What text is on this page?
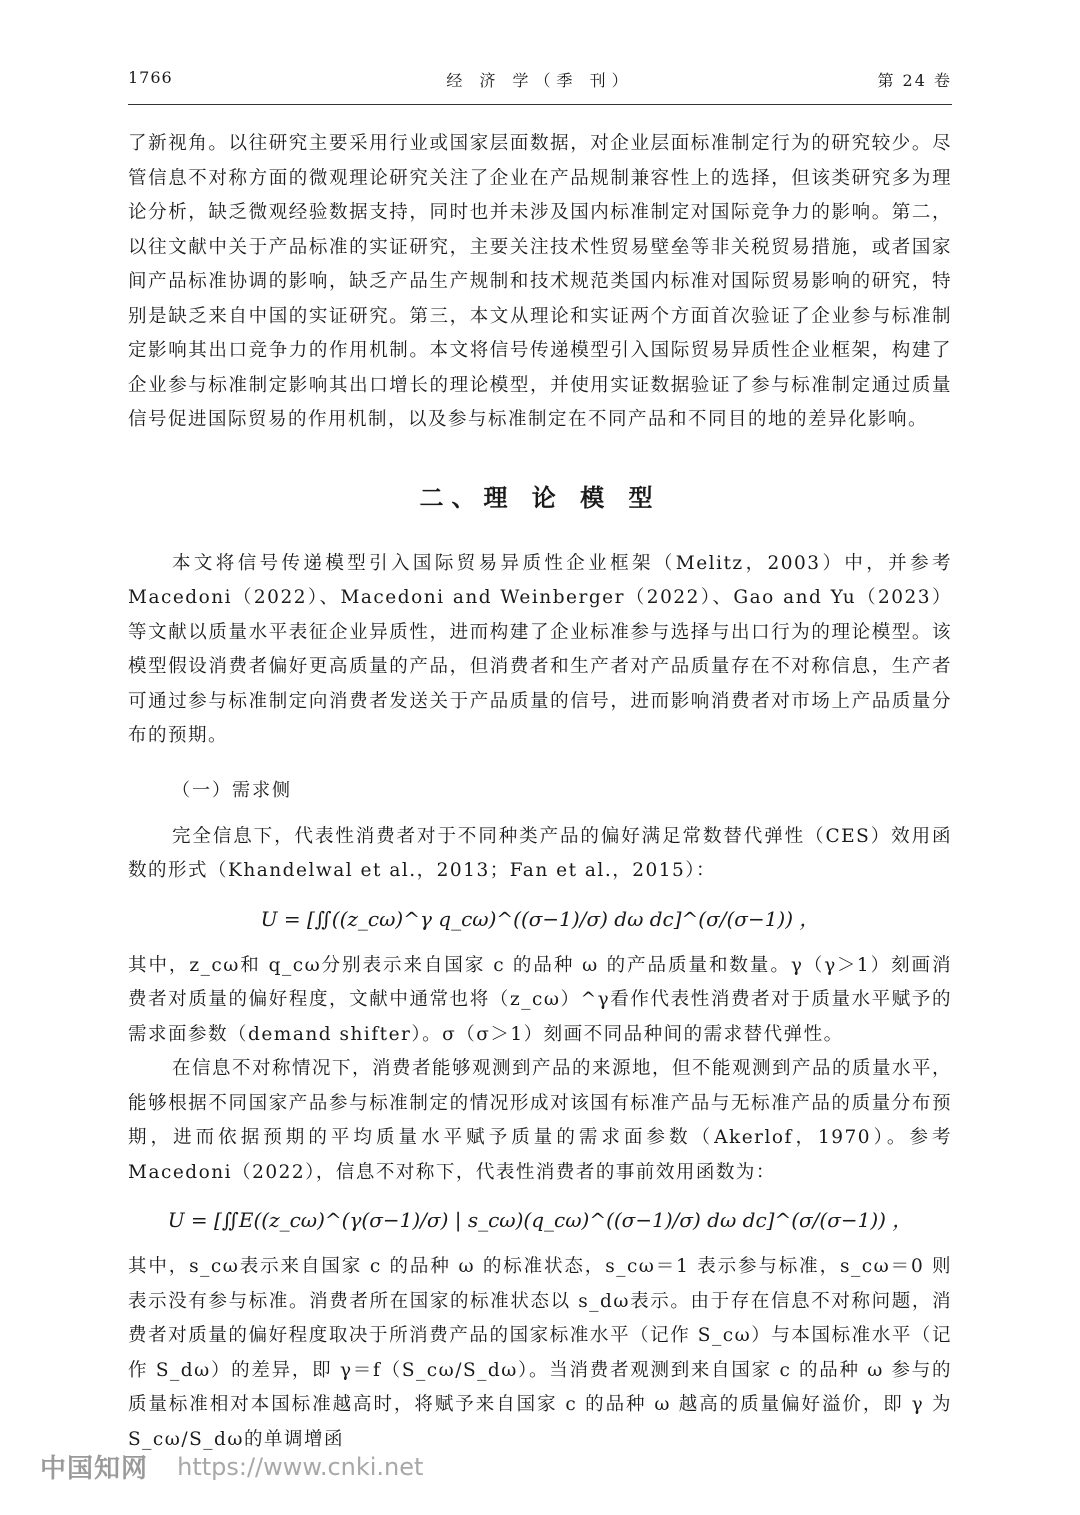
1766	经 济 学（季 刊）	第 24 卷

了新视角。以往研究主要采用行业或国家层面数据，对企业层面标准制定行为的研究较少。尽管信息不对称方面的微观理论研究关注了企业在产品规制兼容性上的选择，但该类研究多为理论分析，缺乏微观经验数据支持，同时也并未涉及国内标准制定对国际竞争力的影响。第二，以往文献中关于产品标准的实证研究，主要关注技术性贸易壁垒等非关税贸易措施，或者国家间产品标准协调的影响，缺乏产品生产规制和技术规范类国内标准对国际贸易影响的研究，特别是缺乏来自中国的实证研究。第三，本文从理论和实证两个方面首次验证了企业参与标准制定影响其出口竞争力的作用机制。本文将信号传递模型引入国际贸易异质性企业框架，构建了企业参与标准制定影响其出口增长的理论模型，并使用实证数据验证了参与标准制定通过质量信号促进国际贸易的作用机制，以及参与标准制定在不同产品和不同目的地的差异化影响。

二、理 论 模 型

本文将信号传递模型引入国际贸易异质性企业框架（Melitz，2003）中，并参考 Macedoni（2022）、Macedoni and Weinberger（2022）、Gao and Yu（2023）等文献以质量水平表征企业异质性，进而构建了企业标准参与选择与出口行为的理论模型。该模型假设消费者偏好更高质量的产品，但消费者和生产者对产品质量存在不对称信息，生产者可通过参与标准制定向消费者发送关于产品质量的信号，进而影响消费者对市场上产品质量分布的预期。

（一）需求侧

完全信息下，代表性消费者对于不同种类产品的偏好满足常数替代弹性（CES）效用函数的形式（Khandelwal et al.，2013；Fan et al.，2015）：

U = [∬((z_cω)^γ q_cω)^((σ−1)/σ) dω dc]^(σ/(σ−1)) ，

其中，z_cω和 q_cω分别表示来自国家 c 的品种 ω 的产品质量和数量。γ（γ＞1）刻画消费者对质量的偏好程度，文献中通常也将（z_cω）^γ看作代表性消费者对于质量水平赋予的需求面参数（demand shifter）。σ（σ＞1）刻画不同品种间的需求替代弹性。

在信息不对称情况下，消费者能够观测到产品的来源地，但不能观测到产品的质量水平，能够根据不同国家产品参与标准制定的情况形成对该国有标准产品与无标准产品的质量分布预期，进而依据预期的平均质量水平赋予质量的需求面参数（Akerlof，1970）。参考 Macedoni（2022），信息不对称下，代表性消费者的事前效用函数为：

U = [∬E((z_cω)^(γ(σ−1)/σ) | s_cω)(q_cω)^((σ−1)/σ) dω dc]^(σ/(σ−1)) ，

其中，s_cω表示来自国家 c 的品种 ω 的标准状态，s_cω＝1 表示参与标准，s_cω＝0 则表示没有参与标准。消费者所在国家的标准状态以 s_dω表示。由于存在信息不对称问题，消费者对质量的偏好程度取决于所消费产品的国家标准水平（记作 S_cω）与本国标准水平（记作 S_dω）的差异，即 γ＝f（S_cω/S_dω）。当消费者观测到来自国家 c 的品种 ω 参与的质量标准相对本国标准越高时，将赋予来自国家 c 的品种 ω 越高的质量偏好溢价，即 γ 为S_cω/S_dω的单调增函

中国知网 https://www.cnki.net
